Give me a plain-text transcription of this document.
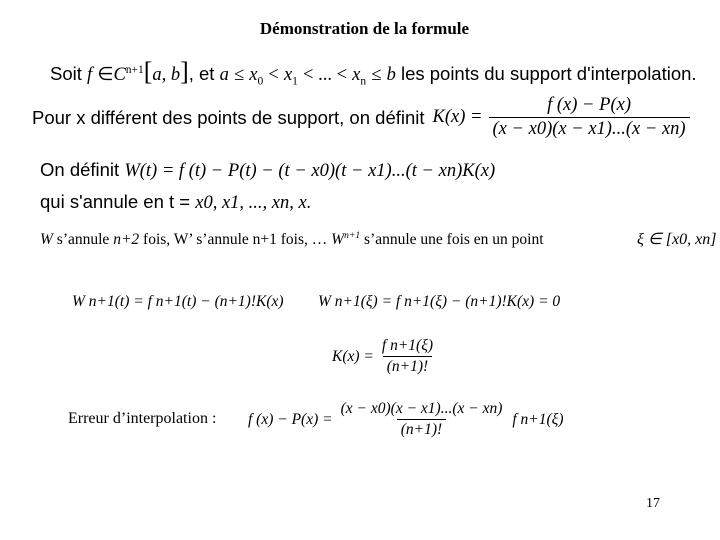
Démonstration de la formule
Soit f $\in C^{n+1}[a$, b], et $a \le x_0 < x_1$ < ... < $x_n \le b$ les points du support d'interpolation.
Pour x différent des points de support, on définit $K(x) = \frac{f (x) - P(x)}{(x - x0)(x - x1)...(x - xn)}$
On définit W(t) = f (t) − P(t) − (t − x0)(t − x1)...(t − xn)K(x)
qui s'annule en t = x0, x1, ..., xn, x.
W s’annule n+2 fois, W’ s’annule n+1 fois, … $W^{n+1}$ s’annule une fois en un point	ξ ∈ [x0, xn]
W n+1(t) = f n+1(t) − (n+1)!K(x) W n+1(ξ) = f n+1(ξ) − (n+1)!K(x) = 0
$K(x) = \frac{\text{f n+1(ξ)}}{(n+1)!}$
Erreur d’interpolation : f $(x) - P(x) = \frac{(x - x0)(x - x1)...(x - xn)}{(n+1)!}$ f n+1(ξ)
17
